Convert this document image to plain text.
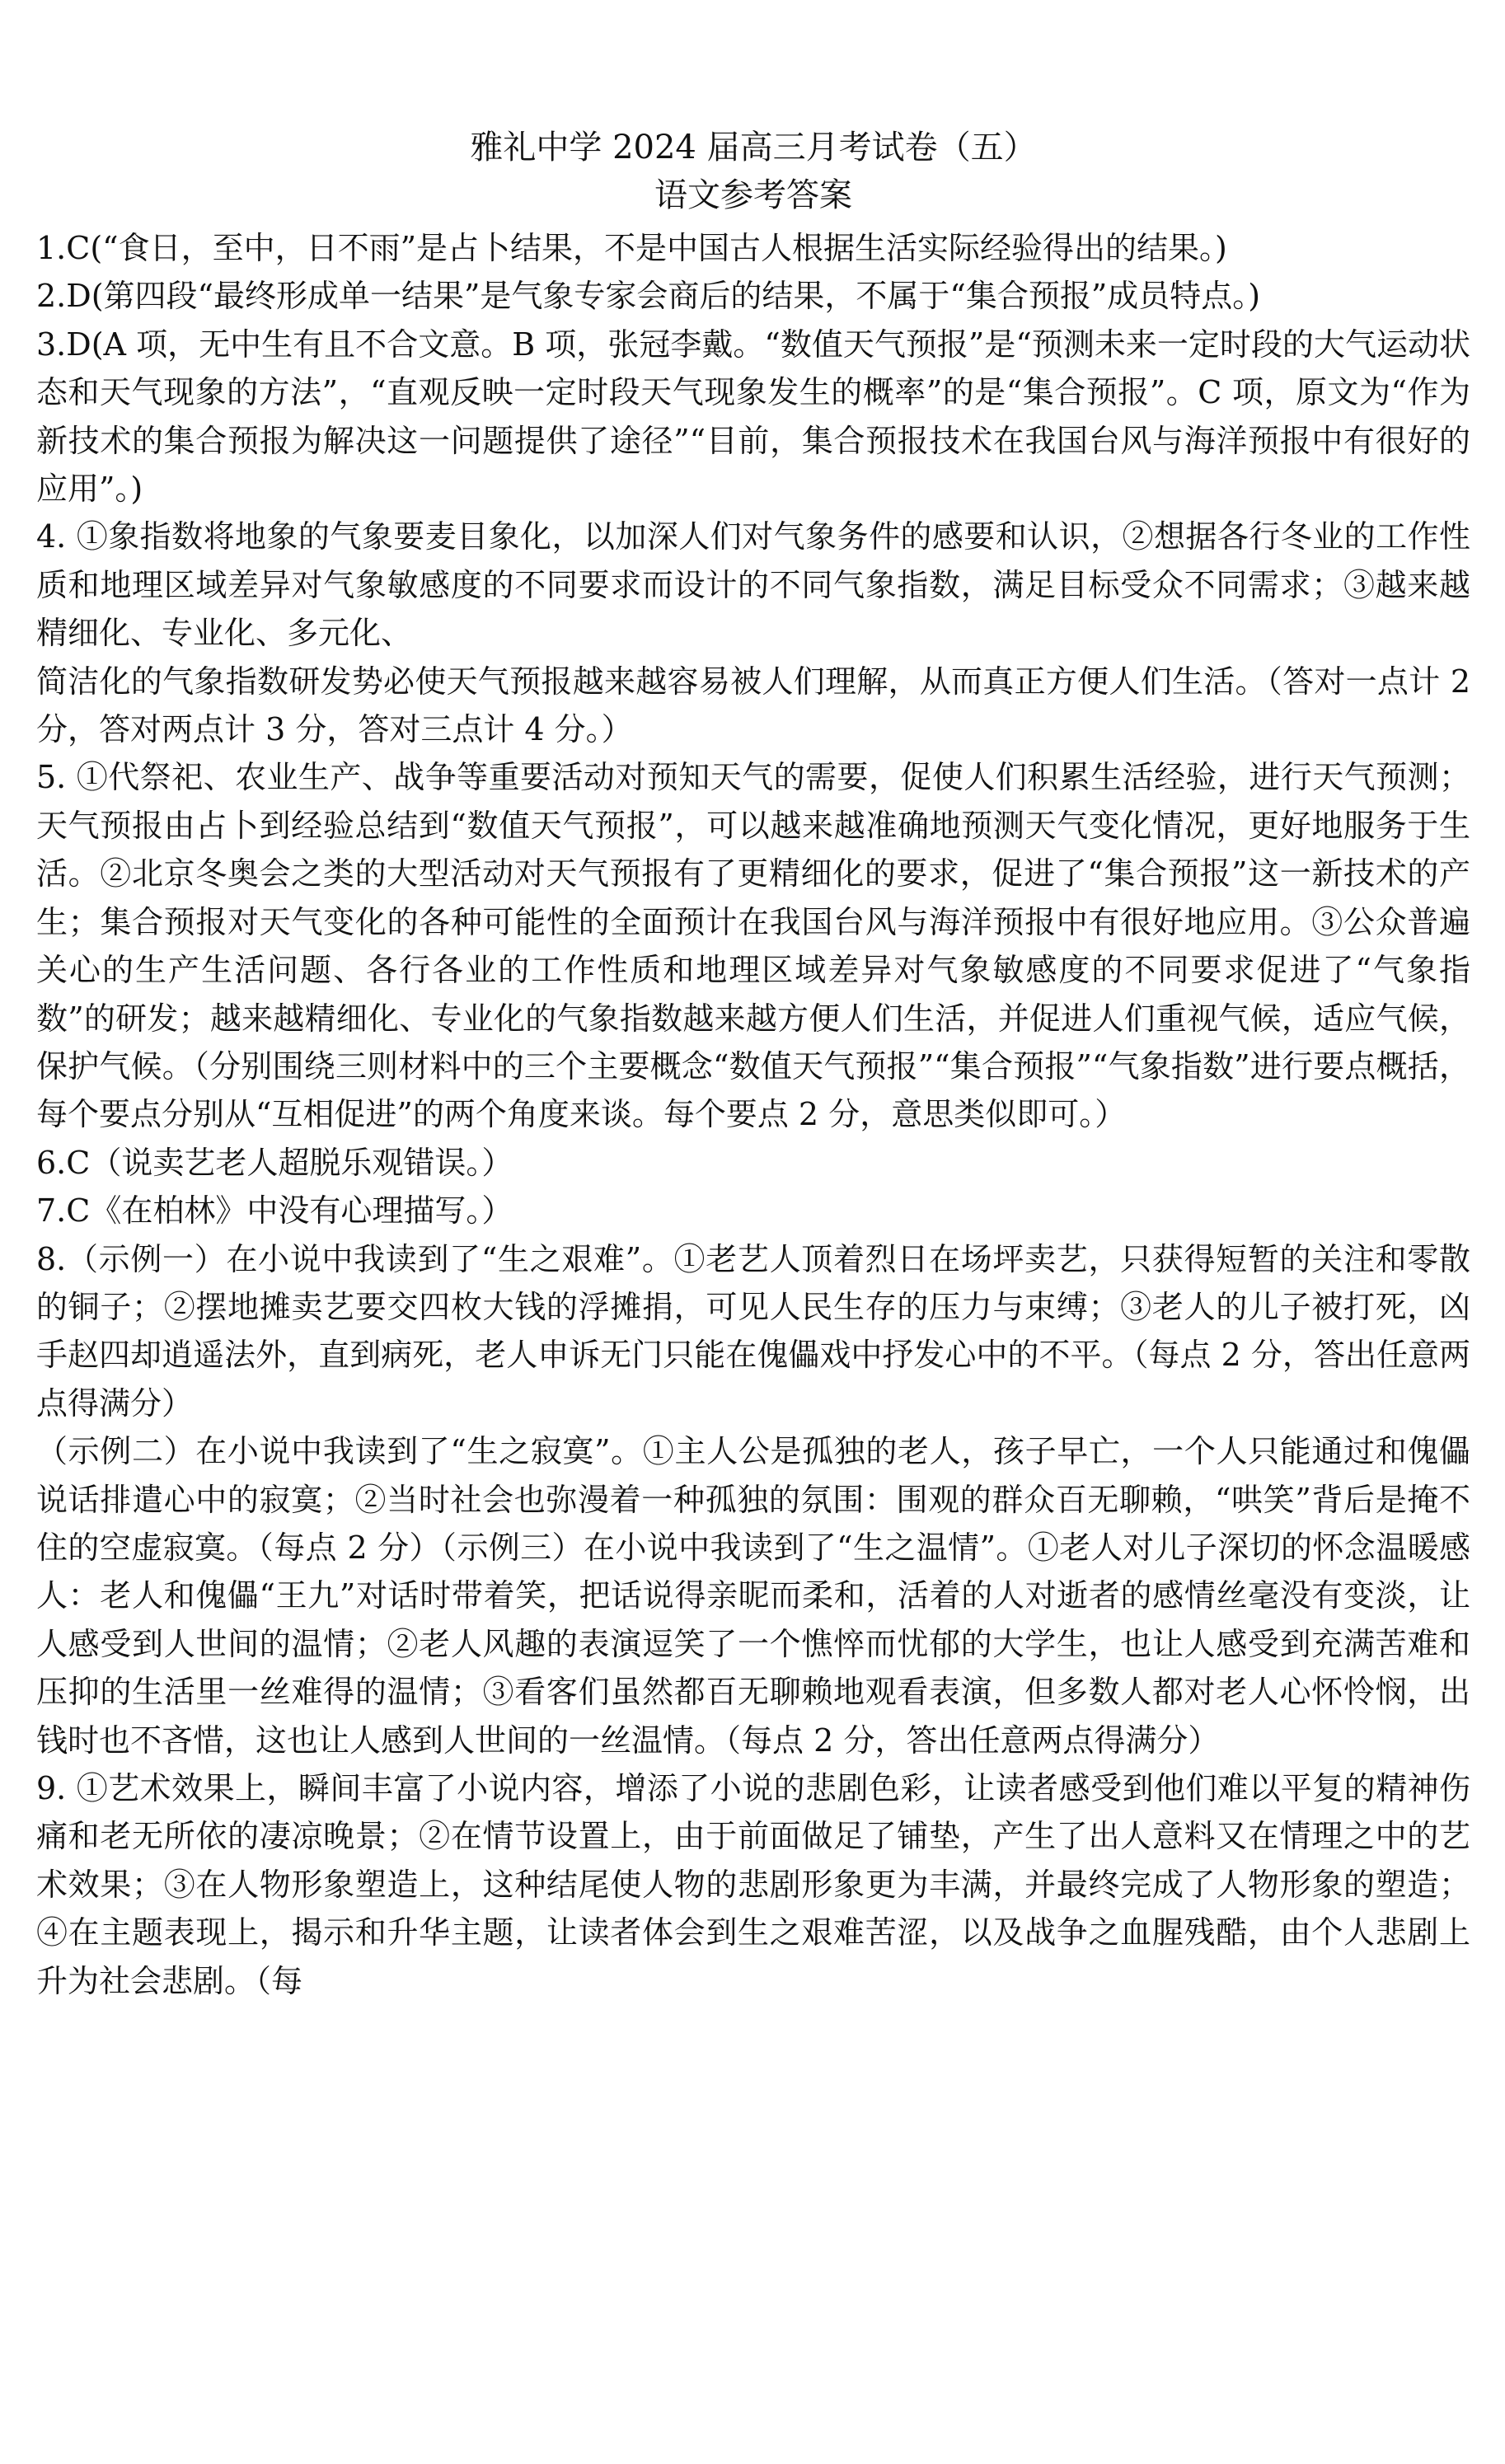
雅礼中学 2024 届高三月考试卷（五）
语文参考答案

1.C(“食日，至中，日不雨”是占卜结果，不是中国古人根据生活实际经验得出的结果。)

2.D(第四段“最终形成单一结果”是气象专家会商后的结果，不属于“集合预报”成员特点。)

3.D(A 项，无中生有且不合文意。B 项，张冠李戴。“数值天气预报”是“预测未来一定时段的大气运动状态和天气现象的方法”，“直观反映一定时段天气现象发生的概率”的是“集合预报”。C 项，原文为“作为新技术的集合预报为解决这一问题提供了途径”“目前，集合预报技术在我国台风与海洋预报中有很好的应用”。)

4. ①象指数将地象的气象要麦目象化，以加深人们对气象务件的感要和认识，②想据各行冬业的工作性质和地理区域差异对气象敏感度的不同要求而设计的不同气象指数，满足目标受众不同需求；③越来越精细化、专业化、多元化、

简洁化的气象指数研发势必使天气预报越来越容易被人们理解，从而真正方便人们生活。（答对一点计 2 分，答对两点计 3 分，答对三点计 4 分。）

5. ①代祭祀、农业生产、战争等重要活动对预知天气的需要，促使人们积累生活经验，进行天气预测；天气预报由占卜到经验总结到“数值天气预报”，可以越来越准确地预测天气变化情况，更好地服务于生活。②北京冬奥会之类的大型活动对天气预报有了更精细化的要求，促进了“集合预报”这一新技术的产生；集合预报对天气变化的各种可能性的全面预计在我国台风与海洋预报中有很好地应用。③公众普遍关心的生产生活问题、各行各业的工作性质和地理区域差异对气象敏感度的不同要求促进了“气象指数”的研发；越来越精细化、专业化的气象指数越来越方便人们生活，并促进人们重视气候，适应气候，保护气候。（分别围绕三则材料中的三个主要概念“数值天气预报”“集合预报”“气象指数”进行要点概括，每个要点分别从“互相促进”的两个角度来谈。每个要点 2 分，意思类似即可。）

6.C（说卖艺老人超脱乐观错误。）

7.C《在柏林》中没有心理描写。）

8.（示例一）在小说中我读到了“生之艰难”。①老艺人顶着烈日在场坪卖艺，只获得短暂的关注和零散的铜子；②摆地摊卖艺要交四枚大钱的浮摊捐，可见人民生存的压力与束缚；③老人的儿子被打死，凶手赵四却逍遥法外，直到病死，老人申诉无门只能在傀儡戏中抒发心中的不平。（每点 2 分，答出任意两点得满分）

（示例二）在小说中我读到了“生之寂寞”。①主人公是孤独的老人，孩子早亡，一个人只能通过和傀儡说话排遣心中的寂寞；②当时社会也弥漫着一种孤独的氛围：围观的群众百无聊赖，“哄笑”背后是掩不住的空虚寂寞。（每点 2 分）（示例三）在小说中我读到了“生之温情”。①老人对儿子深切的怀念温暖感人：老人和傀儡“王九”对话时带着笑，把话说得亲昵而柔和，活着的人对逝者的感情丝毫没有变淡，让人感受到人世间的温情；②老人风趣的表演逗笑了一个憔悴而忧郁的大学生，也让人感受到充满苦难和压抑的生活里一丝难得的温情；③看客们虽然都百无聊赖地观看表演，但多数人都对老人心怀怜悯，出钱时也不吝惜，这也让人感到人世间的一丝温情。（每点 2 分，答出任意两点得满分）

9. ①艺术效果上，瞬间丰富了小说内容，增添了小说的悲剧色彩，让读者感受到他们难以平复的精神伤痛和老无所依的凄凉晚景；②在情节设置上，由于前面做足了铺垫，产生了出人意料又在情理之中的艺术效果；③在人物形象塑造上，这种结尾使人物的悲剧形象更为丰满，并最终完成了人物形象的塑造；④在主题表现上，揭示和升华主题，让读者体会到生之艰难苦涩，以及战争之血腥残酷，由个人悲剧上升为社会悲剧。（每
